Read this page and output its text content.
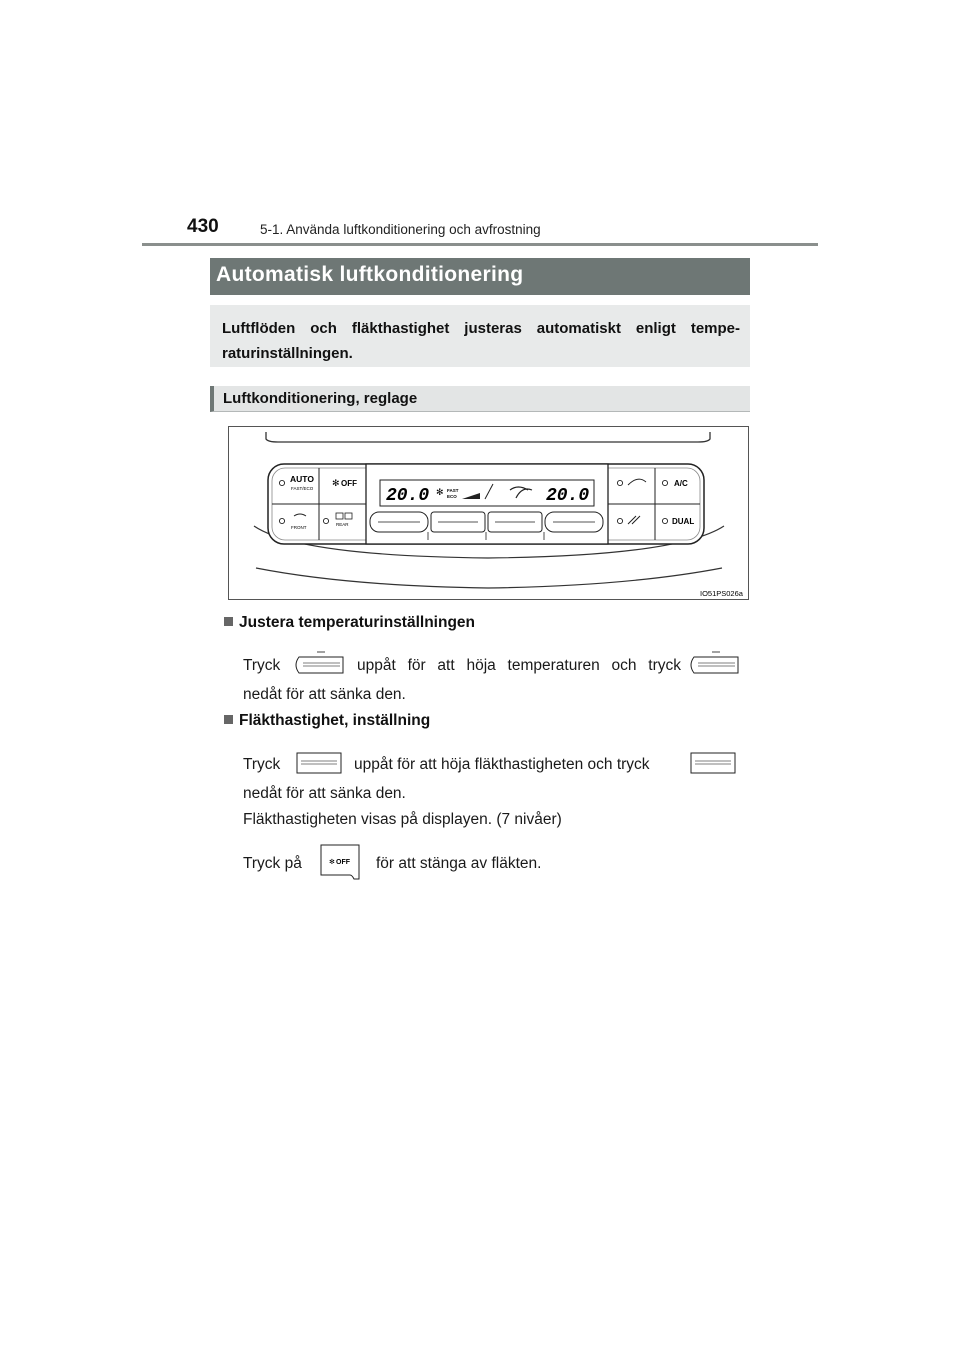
430	5-1. Använda luftkonditionering och avfrostning
Automatisk luftkonditionering
Luftflöden och fläkthastighet justeras automatiskt enligt tempe-raturinställningen.
Luftkonditionering, reglage
AUTO
FAST/ECO ✻ OFF
FRONT
REAR
A/C
DUAL
20.0 ✻ FAST
ECO	20.0
IO51PS026a
Justera temperaturinställningen
Tryck	uppåt för att höja temperaturen och tryck
nedåt för att sänka den.
Fläkthastighet, inställning
Tryck	uppåt för att höja fläkthastigheten och tryck
nedåt för att sänka den.
Fläkthastigheten visas på displayen. (7 nivåer)
Tryck på	✻ OFF för att stänga av fläkten.
